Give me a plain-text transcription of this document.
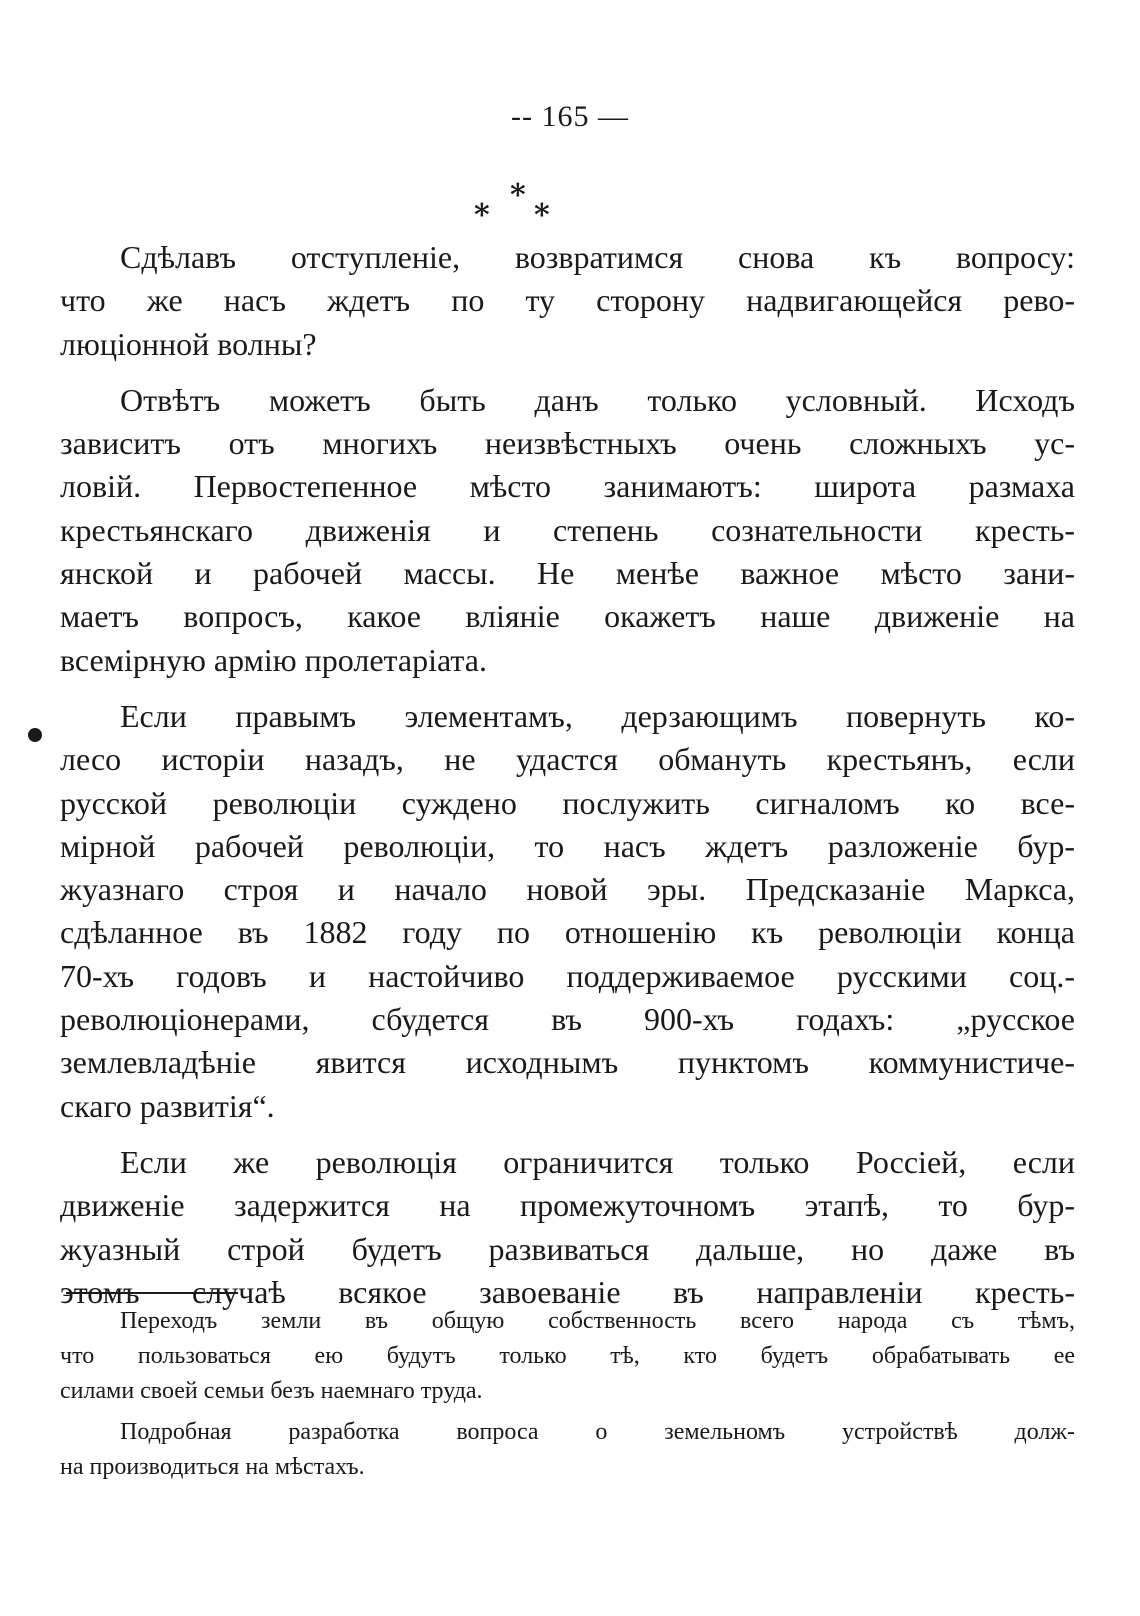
-- 165 —
*
* *
Сдѣлавъ отступленіе, возвратимся снова къ вопросу:
что же насъ ждетъ по ту сторону надвигающейся рево-
люціонной волны?
Отвѣтъ можетъ быть данъ только условный. Исходъ
зависитъ отъ многихъ неизвѣстныхъ очень сложныхъ ус-
ловій. Первостепенное мѣсто занимаютъ: широта размаха
крестьянскаго движенія и степень сознательности кресть-
янской и рабочей массы. Не менѣе важное мѣсто зани-
маетъ вопросъ, какое вліяніе окажетъ наше движеніе на
всемірную армію пролетаріата.
Если правымъ элементамъ, дерзающимъ повернуть ко-
лесо исторіи назадъ, не удастся обмануть крестьянъ, если
русской революціи суждено послужить сигналомъ ко все-
мірной рабочей революціи, то насъ ждетъ разложеніе бур-
жуазнаго строя и начало новой эры. Предсказаніе Маркса,
сдѣланное въ 1882 году по отношенію къ революціи конца
70-хъ годовъ и настойчиво поддерживаемое русскими соц.-
революціонерами, сбудется въ 900-хъ годахъ: „русское
землевладѣніе явится исходнымъ пунктомъ коммунистиче-
скаго развитія“.
Если же революція ограничится только Россіей, если
движеніе задержится на промежуточномъ этапѣ, то бур-
жуазный строй будетъ развиваться дальше, но даже въ
этомъ случаѣ всякое завоеваніе въ направленіи кресть-
Переходъ земли въ общую собственность всего народа съ тѣмъ,
что пользоваться ею будутъ только тѣ, кто будетъ обрабатывать ее
силами своей семьи безъ наемнаго труда.
Подробная разработка вопроса о земельномъ устройствѣ долж-
на производиться на мѣстахъ.
